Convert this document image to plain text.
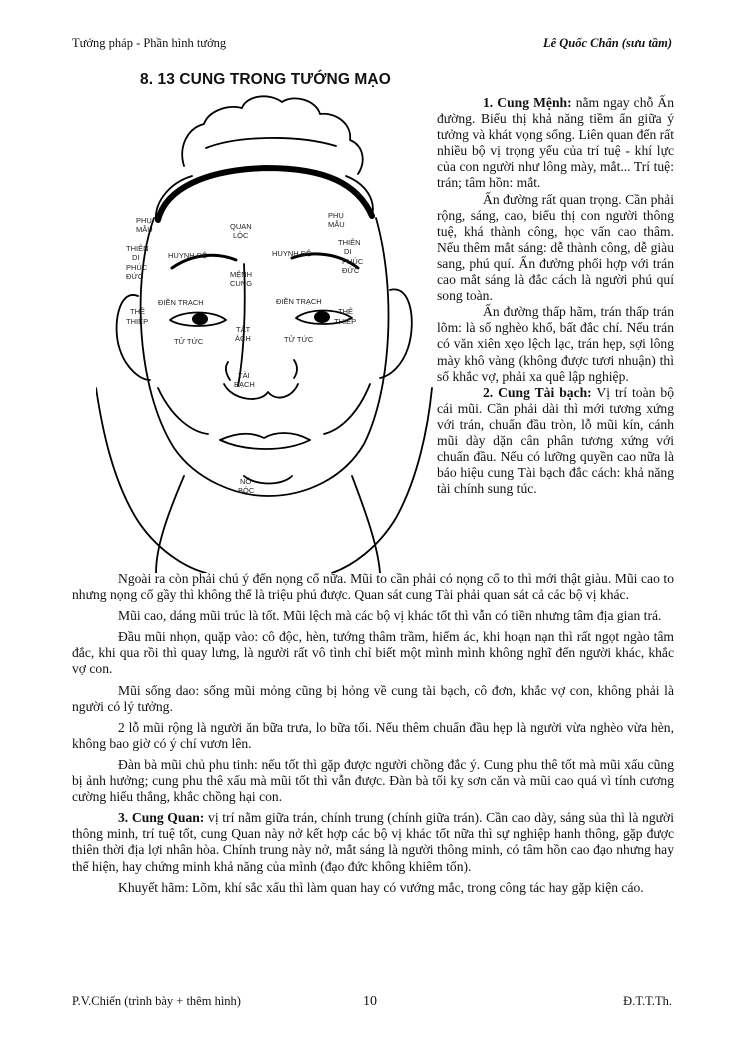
Tướng pháp - Phần hình tướng	Lê Quốc Chân (sưu tầm)
8. 13 CUNG TRONG TƯỚNG MẠO
PHỤ
MẪU
PHỤ
MẪU
QUAN
LỘC
THIÊN
DI
THIÊN
DI
HUYNH ĐỆ	HUYNH ĐỆ
PHÚC
ĐỨC
PHÚC
ĐỨC
MỆNH
CUNG
ĐIỀN TRẠCH	ĐIỀN TRẠCH
THÊ
THIẾP
THÊ
THIẾP
TẬT
ÁCH
TỬ TỨC	TỬ TỨC
TÀI
BẠCH
NÔ
BỘC

1. Cung Mệnh: nằm ngay chỗ Ấn đường. Biểu thị khả năng tiềm ẩn giữa ý tưởng và khát vọng sống. Liên quan đến rất nhiều bộ vị trọng yếu của trí tuệ - khí lực của con người như lông mày, mắt... Trí tuệ: trán; tâm hồn: mắt.

Ấn đường rất quan trọng. Cần phải rộng, sáng, cao, biểu thị con người thông tuệ, khá thành công, học vấn cao thâm. Nếu thêm mắt sáng: dễ thành công, dễ giàu sang, phú quí. Ấn đường phối hợp với trán cao mắt sáng là đắc cách là người phú quí song toàn.

Ấn đường thấp hãm, trán thấp trán lõm: là số nghèo khổ, bất đắc chí. Nếu trán có văn xiên xẹo lệch lạc, trán hẹp, sợi lông mày khô vàng (không được tươi nhuận) thì số khắc vợ, phải xa quê lập nghiệp.

2. Cung Tài bạch: Vị trí toàn bộ cái mũi. Cần phải dài thì mới tương xứng với trán, chuẩn đầu tròn, lỗ mũi kín, cánh mũi dày dặn cân phân tương xứng với chuẩn đầu. Nếu có lưỡng quyền cao nữa là báo hiệu cung Tài bạch đắc cách: khả năng tài chính sung túc.

Ngoài ra còn phải chú ý đến nọng cổ nữa. Mũi to cần phải có nọng cổ to thì mới thật giàu. Mũi cao to nhưng nọng cổ gầy thì không thể là triệu phú được. Quan sát cung Tài phải quan sát cả các bộ vị khác.

Mũi cao, dáng mũi trúc là tốt. Mũi lệch mà các bộ vị khác tốt thì vẫn có tiền nhưng tâm địa gian trá.

Đầu mũi nhọn, quặp vào: cô độc, hèn, tướng thâm trầm, hiểm ác, khi hoạn nạn thì rất ngọt ngào tâm đắc, khi qua rồi thì quay lưng, là người rất vô tình chỉ biết một mình mình không nghĩ đến người khác, khắc vợ con.

Mũi sống dao: sống mũi mỏng cũng bị hỏng về cung tài bạch, cô đơn, khắc vợ con, không phải là người có lý tưởng.

2 lỗ mũi rộng là người ăn bữa trưa, lo bữa tối. Nếu thêm chuẩn đầu hẹp là người vừa nghèo vừa hèn, không bao giờ có ý chí vươn lên.

Đàn bà mũi chủ phu tinh: nếu tốt thì gặp được người chồng đắc ý. Cung phu thê tốt mà mũi xấu cũng bị ảnh hưởng; cung phu thê xấu mà mũi tốt thì vẫn được. Đàn bà tối kỵ sơn căn và mũi cao quá vì tính cương cường hiếu thắng, khắc chồng hại con.

3. Cung Quan: vị trí nằm giữa trán, chính trung (chính giữa trán). Cần cao dày, sáng sủa thì là người thông minh, trí tuệ tốt, cung Quan này nở kết hợp các bộ vị khác tốt nữa thì sự nghiệp hanh thông, gặp được thiên thời địa lợi nhân hòa. Chính trung này nở, mắt sáng là người thông minh, có tâm hồn cao đạo nhưng hay thể hiện, hay chứng minh khả năng của mình (đạo đức không khiêm tốn).

Khuyết hãm: Lõm, khí sắc xấu thì làm quan hay có vướng mắc, trong công tác hay gặp kiện cáo.

P.V.Chiến (trình bày + thêm hình)	10	Đ.T.T.Th.
